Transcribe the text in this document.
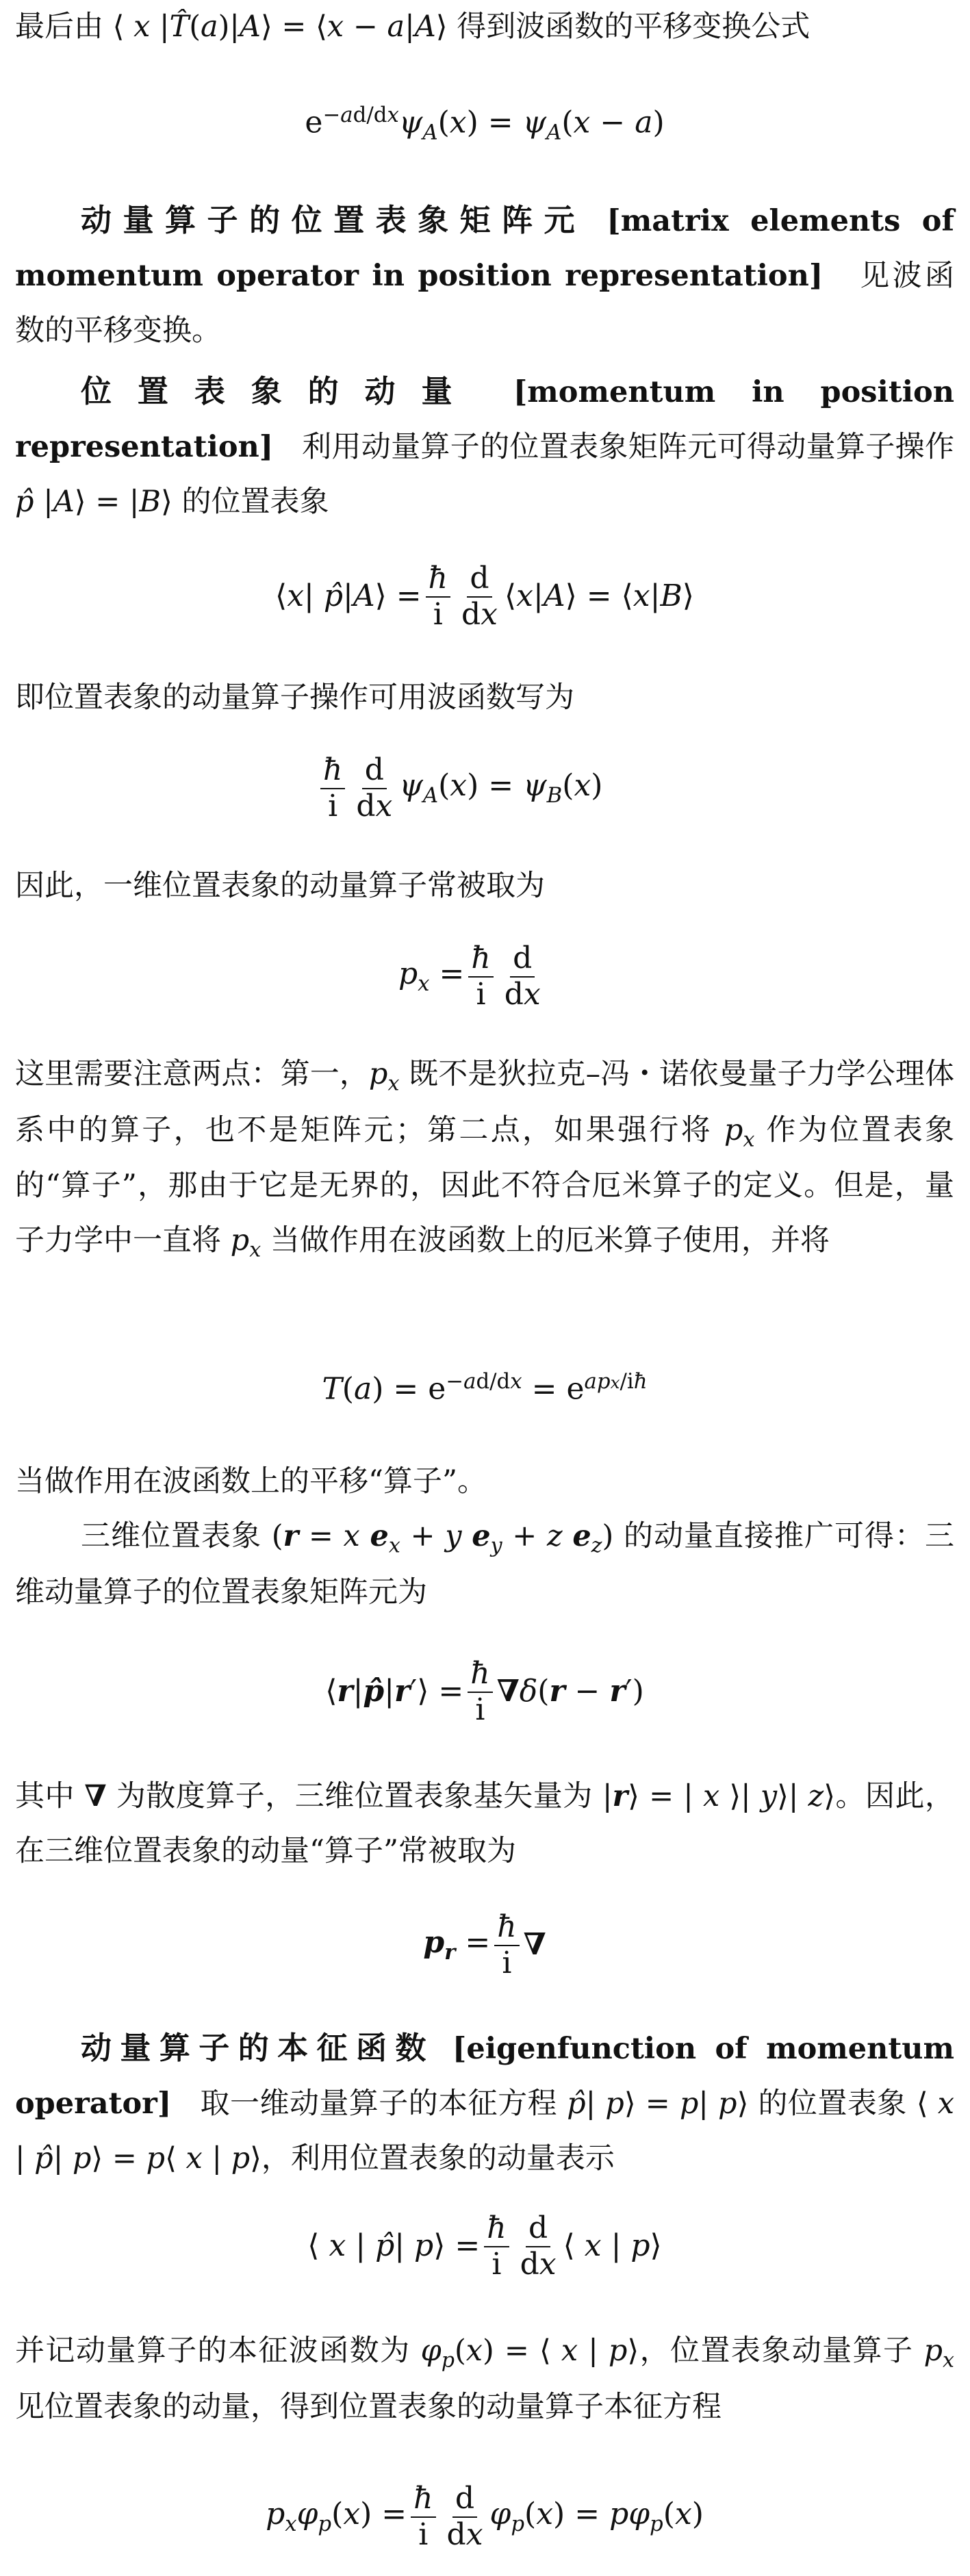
最后由 ⟨ x |T̂(a)|A⟩ = ⟨x − a|A⟩ 得到波函数的平移变换公式

$e^{-ad/dx}\psi_A(x) = \psi_A(x - a)$

动量算子的位置表象矩阵元 [matrix elements of momentum operator in position representation] 见波函数的平移变换。

位置表象的动量 [momentum in position representation]   利用动量算子的位置表象矩阵元可得动量算子操作 p̂ |A⟩ = |B⟩ 的位置表象

⟨x| p̂|A⟩ = $\frac{ħ}{i} \frac{d}{dx}$ ⟨x|A⟩ = ⟨x|B⟩

即位置表象的动量算子操作可用波函数写为

$\frac{ħ}{i} \frac{d}{dx} \psi_A(x) = \psi_B(x)$

因此，一维位置表象的动量算子常被取为

$p_x = \frac{ħ}{i} \frac{d}{dx}$

这里需要注意两点：第一，$p_x$ 既不是狄拉克–冯・诺依曼量子力学公理体系中的算子，也不是矩阵元；第二点，如果强行将 $p_x$ 作为位置表象的“算子”，那由于它是无界的，因此不符合厄米算子的定义。但是，量子力学中一直将 $p_x$ 当做作用在波函数上的厄米算子使用，并将

$T(a) = e^{-ad/dx} = e^{apx/iħ}$

当做作用在波函数上的平移“算子”。

三维位置表象 (r = x $e_x + y$ $e_y + z$ $e_z$) 的动量直接推广可得：三维动量算子的位置表象矩阵元为

⟨r|p̂|r′⟩ = $\frac{ħ}{i} \nabla\delta(r - r')$

其中 ∇ 为散度算子，三维位置表象基矢量为 |r⟩ = | x ⟩| y⟩| z⟩。因此，在三维位置表象的动量“算子”常被取为

$p_r = \frac{ħ}{i}$ ∇

动量算子的本征函数 [eigenfunction of momentum operator]   取一维动量算子的本征方程 p̂| p⟩ = p| p⟩ 的位置表象 ⟨ x | p̂| p⟩ = p⟨ x | p⟩，利用位置表象的动量表示

⟨ x | p̂| p⟩ = $\frac{ħ}{i} \frac{d}{dx}$ ⟨ x | p⟩

并记动量算子的本征波函数为 $\varphi_p(x)$ = ⟨ x | p⟩，位置表象动量算子 $p_x$ 见位置表象的动量，得到位置表象的动量算子本征方程

$p_x\varphi_p(x) = \frac{ħ}{i} \frac{d}{dx} \varphi_p(x) = p\varphi_p(x)$
